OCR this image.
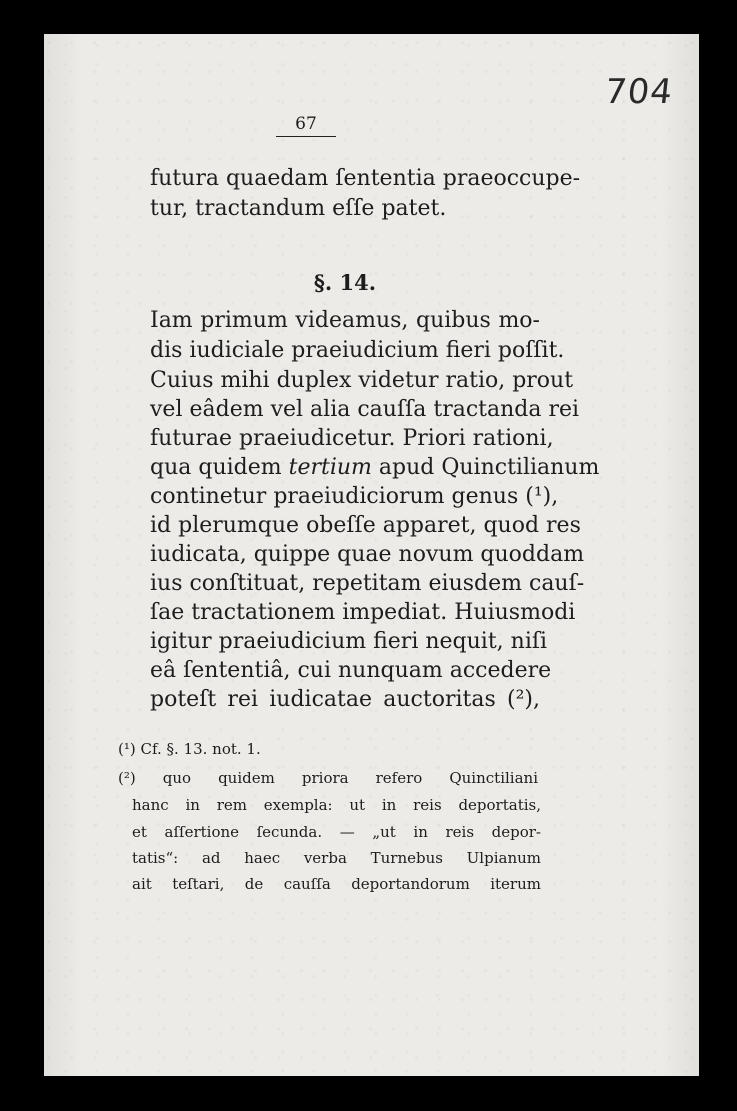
704
67
futura quaedam ſententia praeoccupe-
tur, tractandum eſſe patet.
§. 14.
Iam primum videamus, quibus mo-
dis iudiciale praeiudicium fieri poſſit.
Cuius mihi duplex videtur ratio, prout
vel eâdem vel alia cauſſa tractanda rei
futurae praeiudicetur. Priori rationi,
qua quidem tertium apud Quinctilianum
continetur praeiudiciorum genus (¹),
id plerumque obeſſe apparet, quod res
iudicata, quippe quae novum quoddam
ius conſtituat, repetitam eiusdem cauſ-
ſae tractationem impediat. Huiusmodi
igitur praeiudicium fieri nequit, niſi
eâ ſententiâ, cui nunquam accedere
poteſt rei iudicatae auctoritas (²),
(¹) Cf. §. 13. not. 1.
(²) quo quidem priora refero Quinctiliani
hanc in rem exempla: ut in reis deportatis,
et aſſertione ſecunda. — „ut in reis depor-
tatis“: ad haec verba Turnebus Ulpianum
ait teſtari, de cauſſa deportandorum iterum
